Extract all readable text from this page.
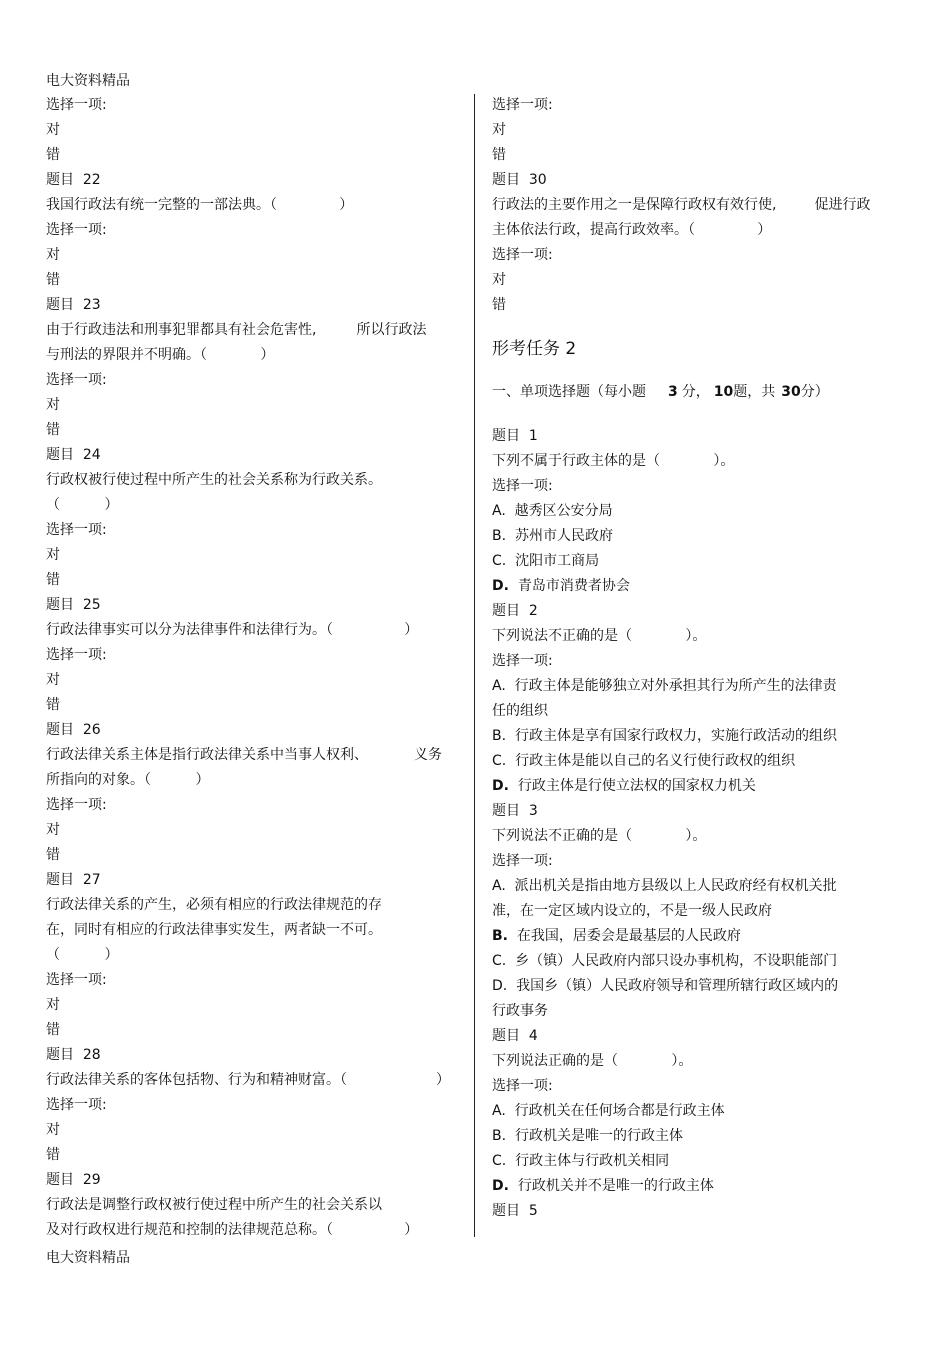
电大资料精品
选择一项:
对
错
题目  22
我国行政法有统一完整的一部法典。（              ）
选择一项:
对
错
题目  23
由于行政违法和刑事犯罪都具有社会危害性,	所以行政法
与刑法的界限并不明确。（            ）
选择一项:
对
错
题目  24
行政权被行使过程中所产生的社会关系称为行政关系。
（          ）
选择一项:
对
错
题目  25
行政法律事实可以分为法律事件和法律行为。（                ）
选择一项:
对
错
题目  26
行政法律关系主体是指行政法律关系中当事人权利、	义务
所指向的对象。（          ）
选择一项:
对
错
题目  27
行政法律关系的产生，必须有相应的行政法律规范的存
在，同时有相应的行政法律事实发生，两者缺一不可。
（          ）
选择一项:
对
错
题目  28
行政法律关系的客体包括物、行为和精神财富。（                    ）
选择一项:
对
错
题目  29
行政法是调整行政权被行使过程中所产生的社会关系以
及对行政权进行规范和控制的法律规范总称。（                ）
选择一项:
对
错
题目  30
行政法的主要作用之一是保障行政权有效行使,	促进行政
主体依法行政，提高行政效率。（              ）
选择一项:
对
错
形考任务 2
一、单项选择题（每小题 3 分， 10题，共 30分）
题目  1
下列不属于行政主体的是（            ）。
选择一项:
A.  越秀区公安分局
B.  苏州市人民政府
C.  沈阳市工商局
D.  青岛市消费者协会
题目  2
下列说法不正确的是（            ）。
选择一项:
A.  行政主体是能够独立对外承担其行为所产生的法律责
任的组织
B.  行政主体是享有国家行政权力，实施行政活动的组织
C.  行政主体是能以自己的名义行使行政权的组织
D.  行政主体是行使立法权的国家权力机关
题目  3
下列说法不正确的是（            ）。
选择一项:
A.  派出机关是指由地方县级以上人民政府经有权机关批
准，在一定区域内设立的，不是一级人民政府
B.  在我国，居委会是最基层的人民政府
C.  乡（镇）人民政府内部只设办事机构，不设职能部门
D.  我国乡（镇）人民政府领导和管理所辖行政区域内的
行政事务
题目  4
下列说法正确的是（            ）。
选择一项:
A.  行政机关在任何场合都是行政主体
B.  行政机关是唯一的行政主体
C.  行政主体与行政机关相同
D.  行政机关并不是唯一的行政主体
题目  5
电大资料精品
